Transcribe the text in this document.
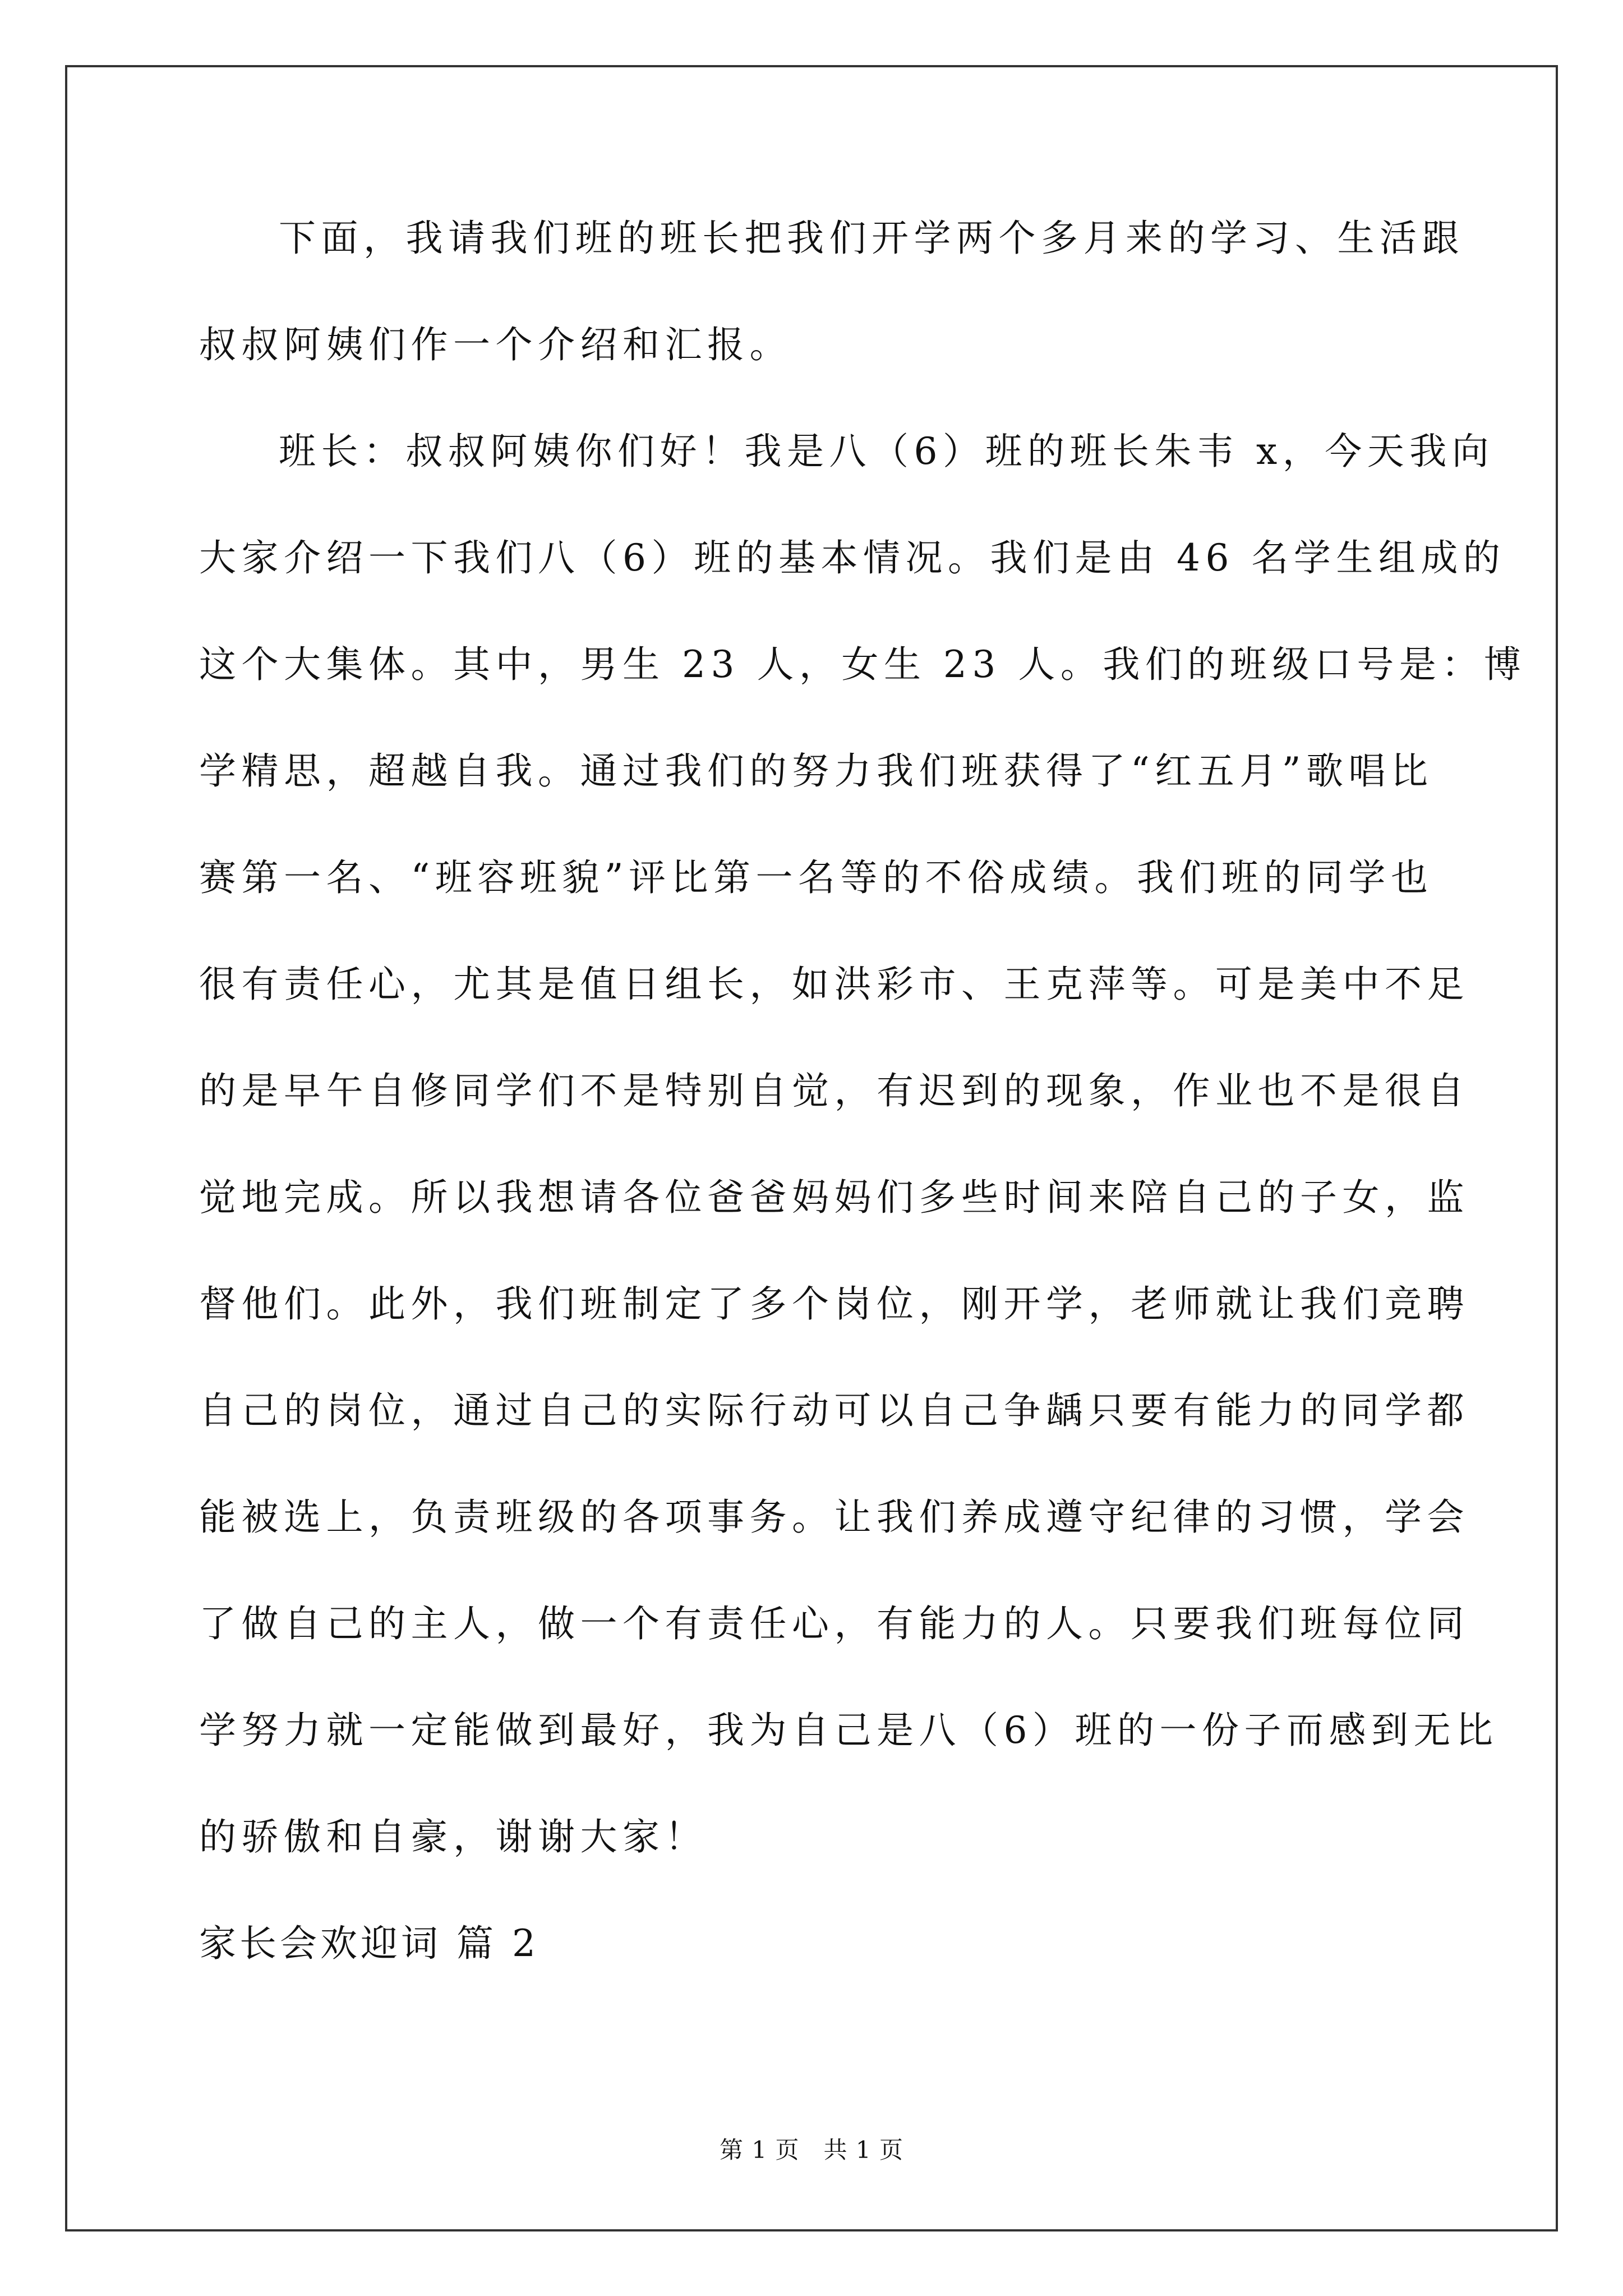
下面，我请我们班的班长把我们开学两个多月来的学习、生活跟
叔叔阿姨们作一个介绍和汇报。
班长：叔叔阿姨你们好！我是八（6）班的班长朱韦 x，今天我向
大家介绍一下我们八（6）班的基本情况。我们是由 46 名学生组成的
这个大集体。其中，男生 23 人，女生 23 人。我们的班级口号是：博
学精思，超越自我。通过我们的努力我们班获得了“红五月”歌唱比
赛第一名、“班容班貌”评比第一名等的不俗成绩。我们班的同学也
很有责任心，尤其是值日组长，如洪彩市、王克萍等。可是美中不足
的是早午自修同学们不是特别自觉，有迟到的现象，作业也不是很自
觉地完成。所以我想请各位爸爸妈妈们多些时间来陪自己的子女，监
督他们。此外，我们班制定了多个岗位，刚开学，老师就让我们竞聘
自己的岗位，通过自己的实际行动可以自己争龋只要有能力的同学都
能被选上，负责班级的各项事务。让我们养成遵守纪律的习惯，学会
了做自己的主人，做一个有责任心，有能力的人。只要我们班每位同
学努力就一定能做到最好，我为自己是八（6）班的一份子而感到无比
的骄傲和自豪，谢谢大家！
家长会欢迎词 篇 2
第 1 页   共 1 页
